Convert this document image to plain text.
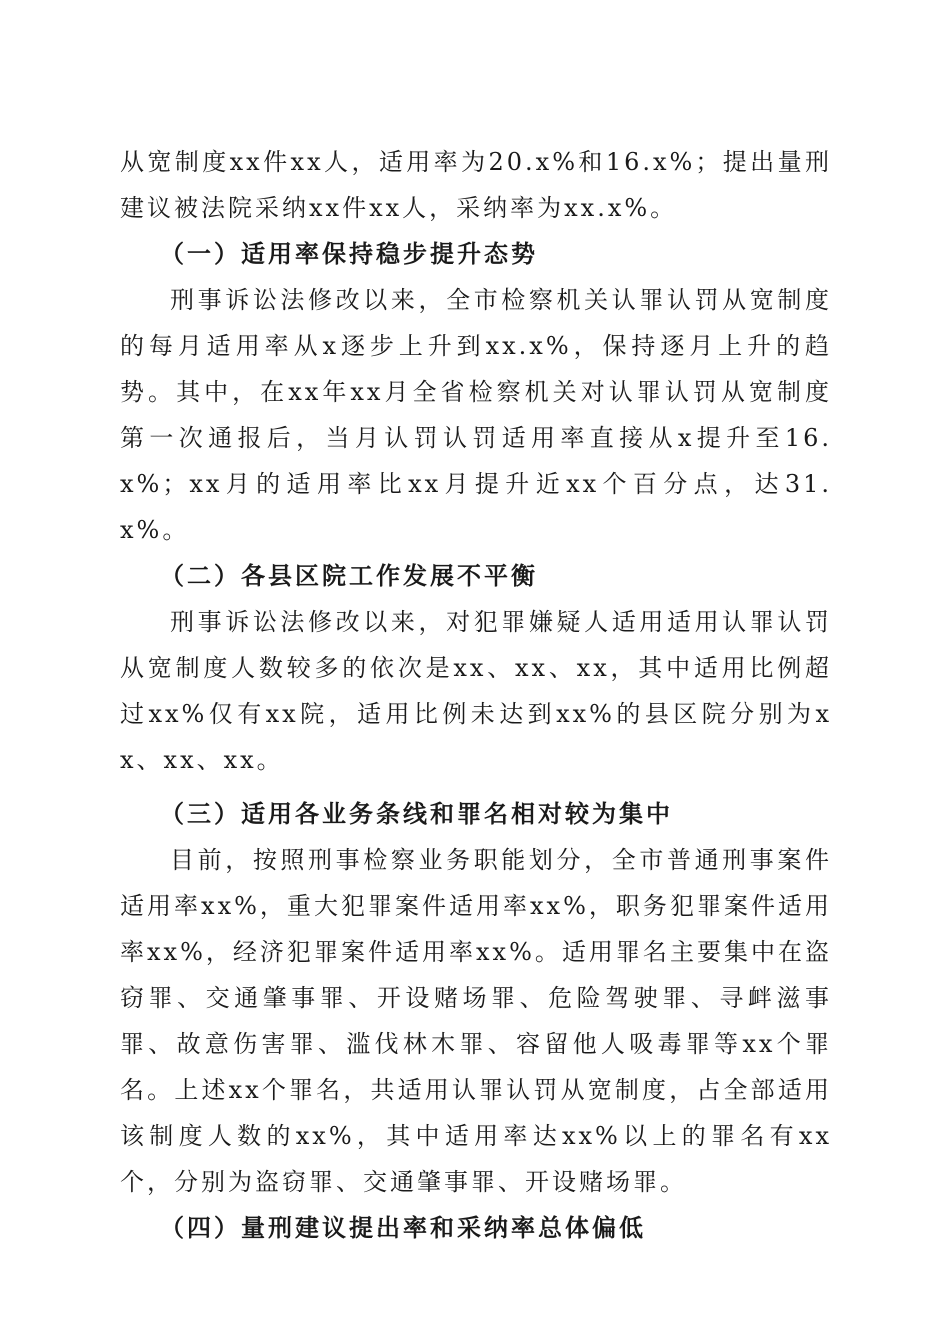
从宽制度xx件xx人，适用率为20.x%和16.x%；提出量刑建议被法院采纳xx件xx人，采纳率为xx.x%。

（一）适用率保持稳步提升态势

刑事诉讼法修改以来，全市检察机关认罪认罚从宽制度的每月适用率从x逐步上升到xx.x%，保持逐月上升的趋势。其中，在xx年xx月全省检察机关对认罪认罚从宽制度第一次通报后，当月认罚认罚适用率直接从x提升至16.x%；xx月的适用率比xx月提升近xx个百分点，达31.x%。

（二）各县区院工作发展不平衡

刑事诉讼法修改以来，对犯罪嫌疑人适用适用认罪认罚从宽制度人数较多的依次是xx、xx、xx，其中适用比例超过xx%仅有xx院，适用比例未达到xx%的县区院分别为xx、xx、xx。

（三）适用各业务条线和罪名相对较为集中

目前，按照刑事检察业务职能划分，全市普通刑事案件适用率xx%，重大犯罪案件适用率xx%，职务犯罪案件适用率xx%，经济犯罪案件适用率xx%。适用罪名主要集中在盗窃罪、交通肇事罪、开设赌场罪、危险驾驶罪、寻衅滋事罪、故意伤害罪、滥伐林木罪、容留他人吸毒罪等xx个罪名。上述xx个罪名，共适用认罪认罚从宽制度，占全部适用该制度人数的xx%，其中适用率达xx%以上的罪名有xx个，分别为盗窃罪、交通肇事罪、开设赌场罪。

（四）量刑建议提出率和采纳率总体偏低
